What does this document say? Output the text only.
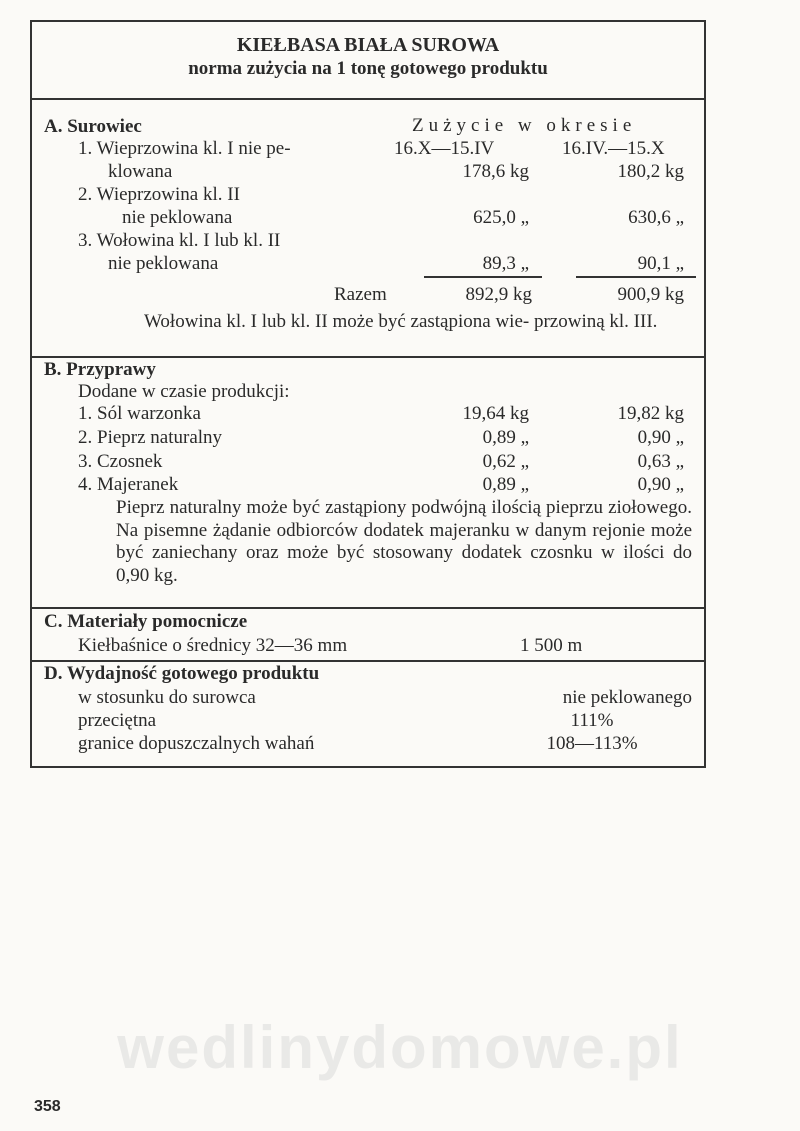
KIEŁBASA BIAŁA SUROWA
norma zużycia na 1 tonę gotowego produktu
A. Surowiec	Zużycie w okresie
1. Wieprzowina kl. I nie pe-	16.X—15.IV	16.IV.—15.X
klowana	178,6 kg	180,2 kg
2. Wieprzowina kl. II
nie peklowana	625,0 „	630,6 „
3. Wołowina kl. I lub kl. II
nie peklowana	89,3 „	90,1 „
Razem	892,9 kg	900,9 kg
Wołowina kl. I lub kl. II może być zastąpiona wie- przowiną kl. III.
B. Przyprawy
Dodane w czasie produkcji:
1. Sól warzonka	19,64 kg	19,82 kg
2. Pieprz naturalny	0,89 „	0,90 „
3. Czosnek	0,62 „	0,63 „
4. Majeranek	0,89 „	0,90 „
Pieprz naturalny może być zastąpiony podwójną ilością pieprzu ziołowego. Na pisemne żądanie odbiorców dodatek majeranku w danym rejonie może być zaniechany oraz może być stosowany dodatek czosnku w ilości do 0,90 kg.
C. Materiały pomocnicze
Kiełbaśnice o średnicy 32—36 mm	1 500 m
D. Wydajność gotowego produktu
w stosunku do surowca	nie peklowanego
przeciętna	111%
granice dopuszczalnych wahań	108—113%
wedlinydomowe.pl
358
